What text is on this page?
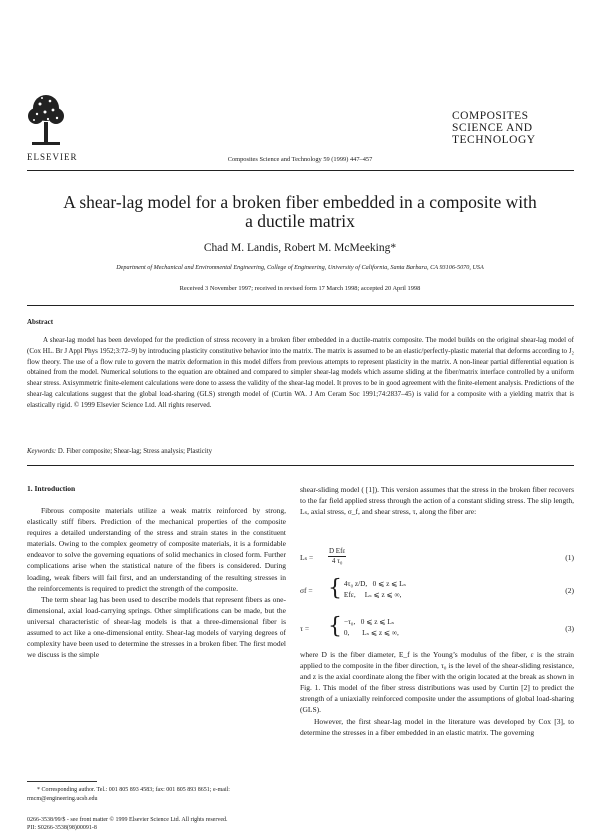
ELSEVIER	Composites Science and Technology 59 (1999) 447–457
COMPOSITES
SCIENCE AND
TECHNOLOGY
A shear-lag model for a broken fiber embedded in a composite with
a ductile matrix
Chad M. Landis, Robert M. McMeeking*
Department of Mechanical and Environmental Engineering, College of Engineering, University of California, Santa Barbara, CA 93106-5070, USA
Received 3 November 1997; received in revised form 17 March 1998; accepted 20 April 1998
Abstract

A shear-lag model has been developed for the prediction of stress recovery in a broken fiber embedded in a ductile-matrix composite. The model builds on the original shear-lag model of (Cox HL. Br J Appl Phys 1952;3:72–9) by introducing plasticity constitutive behavior into the matrix. The matrix is assumed to be an elastic/perfectly-plastic material that deforms according to J₂ flow theory. The use of a flow rule to govern the matrix deformation in this model differs from previous attempts to represent plasticity in the matrix. A non-linear partial differential equation is obtained from the model. Numerical solutions to the equation are obtained and compared to simpler shear-lag models which assume sliding at the fiber/matrix interface controlled by a uniform shear stress. Axisymmetric finite-element calculations were done to assess the validity of the shear-lag model. It proves to be in good agreement with the finite-element analysis. Predictions of the shear-lag calculations suggest that the global load-sharing (GLS) strength model of (Curtin WA. J Am Ceram Soc 1991;74:2837–45) is valid for a composite with a yielding matrix that is elastically rigid. © 1999 Elsevier Science Ltd. All rights reserved.

Keywords: D. Fiber composite; Shear-lag; Stress analysis; Plasticity
1. Introduction

Fibrous composite materials utilize a weak matrix reinforced by strong, elastically stiff fibers. Prediction of the mechanical properties of the composite requires a detailed understanding of the stress and strain states in the constituent materials. Owing to the complex geometry of composite materials, it is a formidable endeavor to solve the governing equations of solid mechanics in closed form. Further complications arise when the statistical nature of the fibers is considered. During loading, weak fibers will fail first, and an understanding of the resulting stresses in the reinforcements is required to predict the strength of the composite.

The term shear lag has been used to describe models that represent fibers as one-dimensional, axial load-carrying springs. Other simplifications can be made, but the universal characteristic of shear-lag models is that a three-dimensional fiber is assumed to act like a one-dimensional entity. Shear-lag models of varying degrees of complexity have been used to determine the stresses in a broken fiber. The first model we discuss is the simple

shear-sliding model ( [1]). This version assumes that the stress in the broken fiber recovers to the far field applied stress through the action of a constant sliding stress. The slip length, Lₛ, axial stress, σ_f, and shear stress, τ, along the fiber are:

$L_s = \frac{\text{D Efε}}{\text{4 τ₀}}$	(1)
σf = { 4τ₀ z/D, 0 ⩽ z ⩽ Lₛ
Efε, Lₛ ⩽ z ⩽ ∞,	(2)
τ = { −τ₀, 0 ⩽ z ⩽ Lₛ
0, Lₛ ⩽ z ⩽ ∞,	(3)

where D is the fiber diameter, E_f is the Young’s modulus of the fiber, ε is the strain applied to the composite in the fiber direction, τ₀ is the level of the shear-sliding resistance, and z is the axial coordinate along the fiber with the origin located at the break as shown in Fig. 1. This model of the fiber stress distributions was used by Curtin [2] to predict the strength of a uniaxially reinforced composite under the assumptions of global load-sharing (GLS).

However, the first shear-lag model in the literature was developed by Cox [3], to determine the stresses in a fiber embedded in an elastic matrix. The governing

* Corresponding author. Tel.: 001 805 893 4583; fax: 001 805 893 8651; e-mail: rmcm@engineering.ucsb.edu
0266-3538/99/$ - see front matter © 1999 Elsevier Science Ltd. All rights reserved.
PII: S0266-3538(98)00091-8
